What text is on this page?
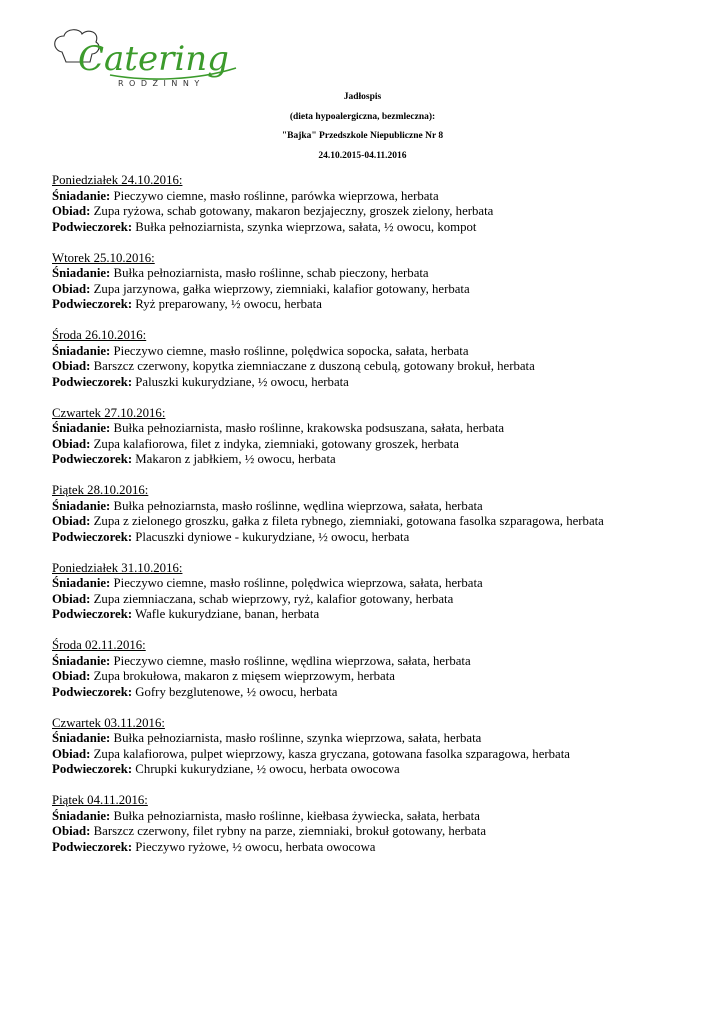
Catering
RODZINNY
Jadłospis
(dieta hypoalergiczna, bezmleczna):
"Bajka" Przedszkole Niepubliczne Nr 8
24.10.2015-04.11.2016
Poniedziałek 24.10.2016:
Śniadanie: Pieczywo ciemne, masło roślinne, parówka wieprzowa, herbata
Obiad: Zupa ryżowa, schab gotowany, makaron bezjajeczny, groszek zielony, herbata
Podwieczorek: Bułka pełnoziarnista, szynka wieprzowa, sałata, ½ owocu, kompot
Wtorek 25.10.2016:
Śniadanie: Bułka pełnoziarnista, masło roślinne, schab pieczony, herbata
Obiad: Zupa jarzynowa, gałka wieprzowy, ziemniaki, kalafior gotowany, herbata
Podwieczorek: Ryż preparowany, ½ owocu, herbata
Środa 26.10.2016:
Śniadanie: Pieczywo ciemne, masło roślinne, polędwica sopocka, sałata, herbata
Obiad: Barszcz czerwony, kopytka ziemniaczane z duszoną cebulą, gotowany brokuł, herbata
Podwieczorek: Paluszki kukurydziane, ½ owocu, herbata
Czwartek 27.10.2016:
Śniadanie: Bułka pełnoziarnista, masło roślinne, krakowska podsuszana, sałata, herbata
Obiad: Zupa kalafiorowa, filet z indyka, ziemniaki, gotowany groszek, herbata
Podwieczorek: Makaron z jabłkiem, ½ owocu, herbata
Piątek 28.10.2016:
Śniadanie: Bułka pełnoziarnsta, masło roślinne, wędlina wieprzowa, sałata, herbata
Obiad: Zupa z zielonego groszku, gałka z fileta rybnego, ziemniaki, gotowana fasolka szparagowa, herbata
Podwieczorek: Placuszki dyniowe - kukurydziane, ½ owocu, herbata
Poniedziałek 31.10.2016:
Śniadanie: Pieczywo ciemne, masło roślinne, polędwica wieprzowa, sałata, herbata
Obiad: Zupa ziemniaczana, schab wieprzowy, ryż, kalafior gotowany, herbata
Podwieczorek: Wafle kukurydziane, banan, herbata
Środa 02.11.2016:
Śniadanie: Pieczywo ciemne, masło roślinne, wędlina wieprzowa, sałata, herbata
Obiad: Zupa brokułowa, makaron z mięsem wieprzowym, herbata
Podwieczorek: Gofry bezglutenowe, ½ owocu, herbata
Czwartek 03.11.2016:
Śniadanie: Bułka pełnoziarnista, masło roślinne, szynka wieprzowa, sałata, herbata
Obiad: Zupa kalafiorowa, pulpet wieprzowy, kasza gryczana, gotowana fasolka szparagowa, herbata
Podwieczorek: Chrupki kukurydziane, ½ owocu, herbata owocowa
Piątek 04.11.2016:
Śniadanie: Bułka pełnoziarnista, masło roślinne, kiełbasa żywiecka, sałata, herbata
Obiad: Barszcz czerwony, filet rybny na parze, ziemniaki, brokuł gotowany, herbata
Podwieczorek: Pieczywo ryżowe, ½ owocu, herbata owocowa
